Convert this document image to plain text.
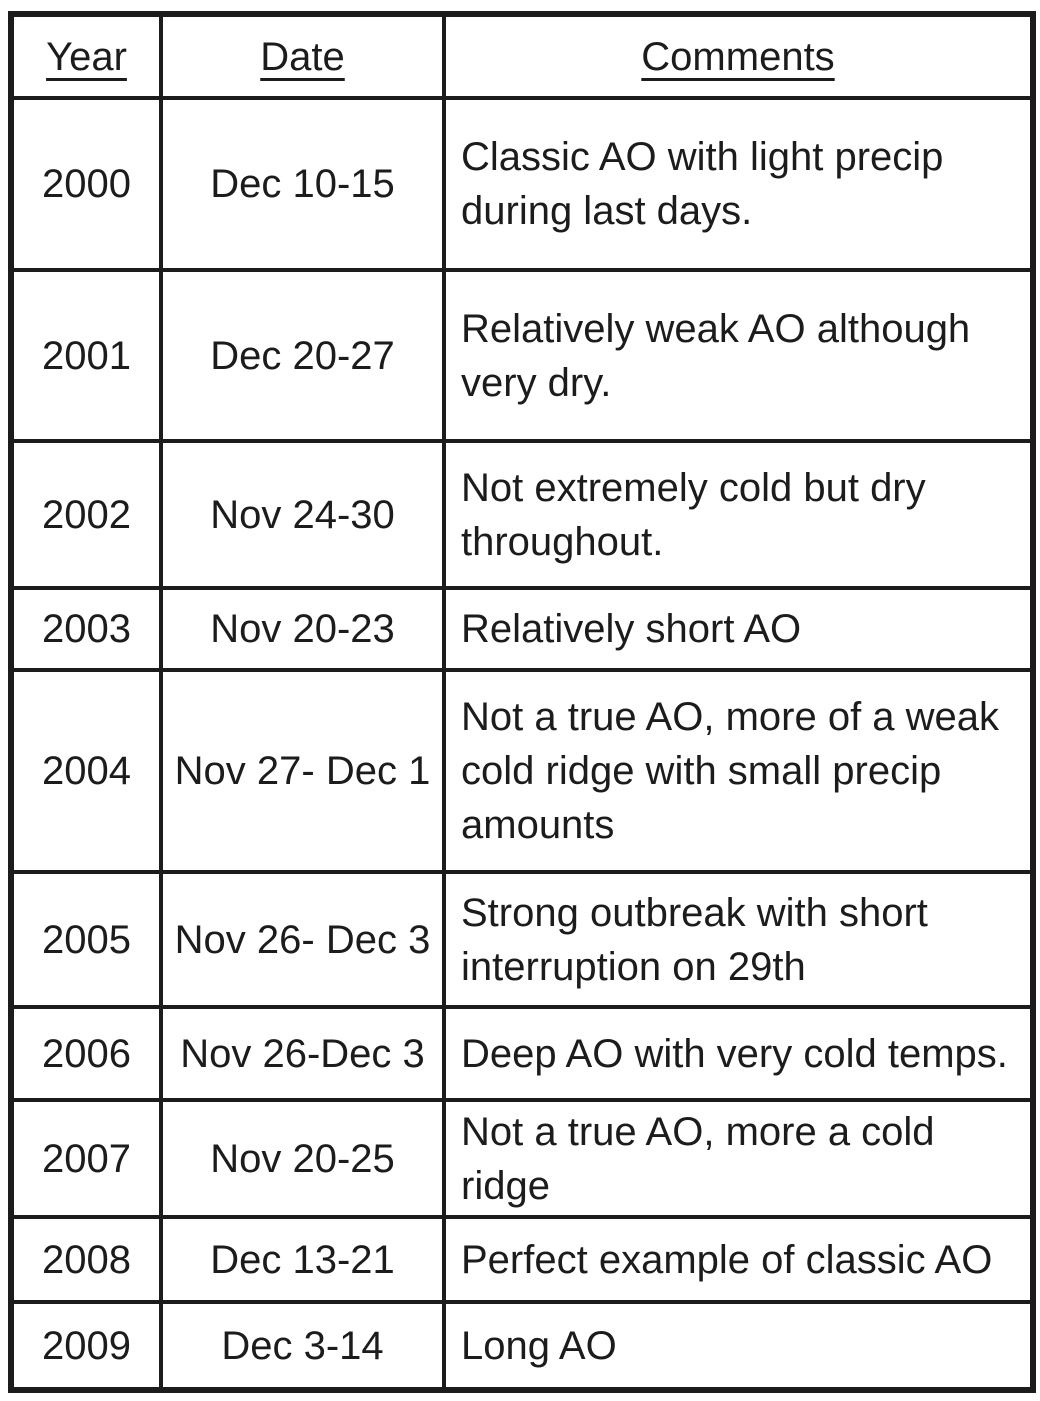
Year	Date	Comments
2000	Dec 10-15	Classic AO with light precip during last days.
2001	Dec 20-27	Relatively weak AO although very dry.
2002	Nov 24-30	Not extremely cold but dry throughout.
2003	Nov 20-23	Relatively short AO
2004	Nov 27- Dec 1	Not a true AO, more of a weak cold ridge with small precip amounts
2005	Nov 26- Dec 3	Strong outbreak with short interruption on 29th
2006	Nov 26-Dec 3	Deep AO with very cold temps.
2007	Nov 20-25	Not a true AO, more a cold ridge
2008	Dec 13-21	Perfect example of classic AO
2009	Dec 3-14	Long AO
